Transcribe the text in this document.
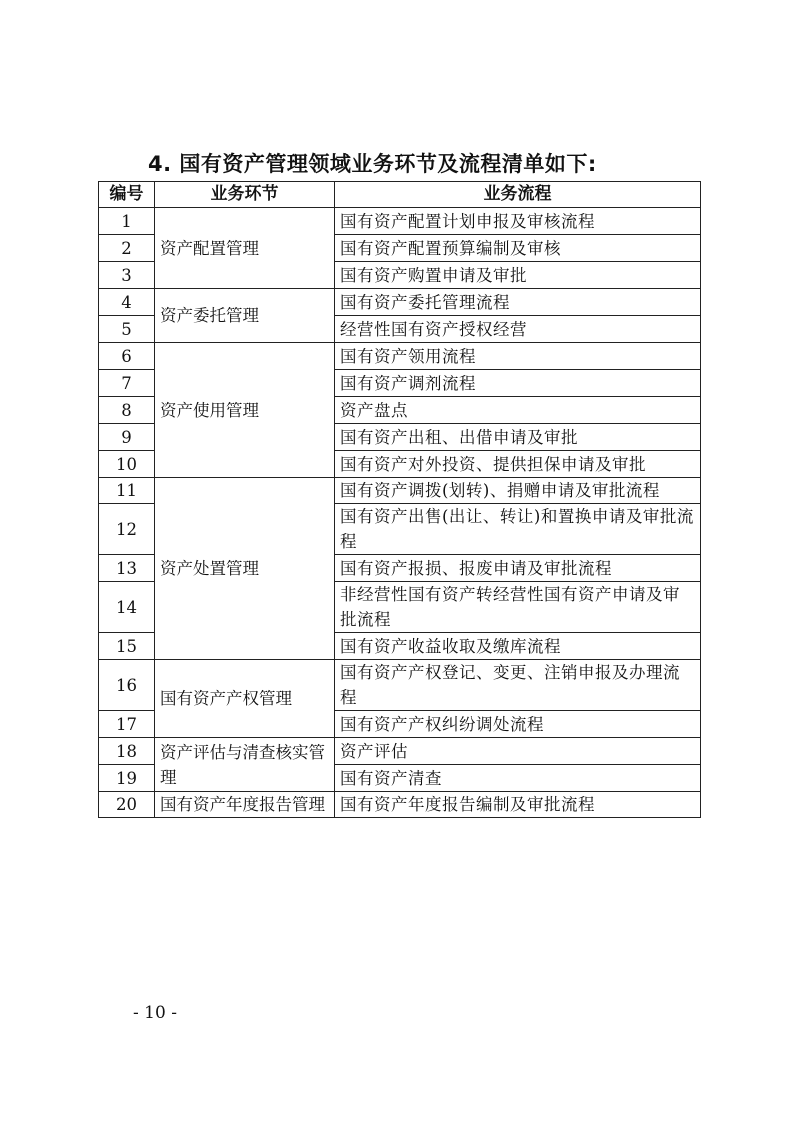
4. 国有资产管理领域业务环节及流程清单如下:
编号	业务环节	业务流程
1	资产配置管理	国有资产配置计划申报及审核流程
2		国有资产配置预算编制及审核
3		国有资产购置申请及审批
4	资产委托管理	国有资产委托管理流程
5		经营性国有资产授权经营
6	资产使用管理	国有资产领用流程
7		国有资产调剂流程
8		资产盘点
9		国有资产出租、出借申请及审批
10		国有资产对外投资、提供担保申请及审批
11	资产处置管理	国有资产调拨(划转)、捐赠申请及审批流程
12		国有资产出售(出让、转让)和置换申请及审批流程
13		国有资产报损、报废申请及审批流程
14		非经营性国有资产转经营性国有资产申请及审批流程
15		国有资产收益收取及缴库流程
16	国有资产产权管理	国有资产产权登记、变更、注销申报及办理流程
17		国有资产产权纠纷调处流程
18	资产评估与清查核实管理	资产评估
19		国有资产清查
20	国有资产年度报告管理	国有资产年度报告编制及审批流程
- 10 -
